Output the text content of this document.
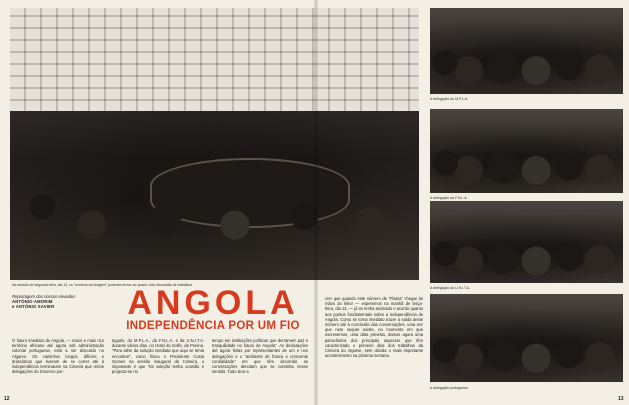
Na sessão de segunda-feira, dia 13, os "homens da imagem" puseram termo ao quarto ciclo discussão de trabalhos.
A delegação do M.P.L.A.
A delegação da F.N.L.A.
A delegação da U.N.I.T.A.
A delegação portuguesa
Reportagem dos nossos enviados
ANTÓNIO AMORIM
e ANTÓNIO XAVIER	ANGOLA
INDEPENDÊNCIA POR UM FIO
O futuro imediato de Angola, — maior e mais rico território africano até agora sob administração colonial portuguesa, está a ser discutido no Algarve. Os caminhos longos, difíceis e dramáticos que tiveram de se correr até à independência terminaram na Cimeira que reúne delegações do Governo por-
tugués, do M.P.L.A., da F.N.L.A. e da U.N.I.T.A. durante vários dias, no Hotel do Golfe, da Penina. "Para além da solução imediata que aqui se tenta encontrar", como frisou o Presidente Costa Gomes na sessão inaugural da Cimeira, o importante é que "tal solução tenha ocasião e projecta-se no
tempo em instituições políticas que derramem paz e tranquilidade no futuro de Angola". As declarações até agora feitas por representantes de um e nos delegações e o "ambiente de franca e crescente cordialidade" em que têm decorrido as conversações denotam que se caminha nesse sentido. Tudo leva a
crer que quando este número de "Flama" chegar às mãos do leitor — esperemos na manhã de terça-feira, dia 14, — já se tenha assinado o acordo quanto aos pontos fundamentais sobre a independência de Angola. Como se torna imediato trazer a saída deste número até à conclusão das conversações, uma vez que nem sequer existe, no momento em que escrevemos, uma data prevista, damos agora uma panorâmica dos principais aspectos que têm caracterizado o primeiro dias dos trabalhos da Cimeira do Algarve, sem dúvida o mais importante acontecimento na próxima semana.
12	13
